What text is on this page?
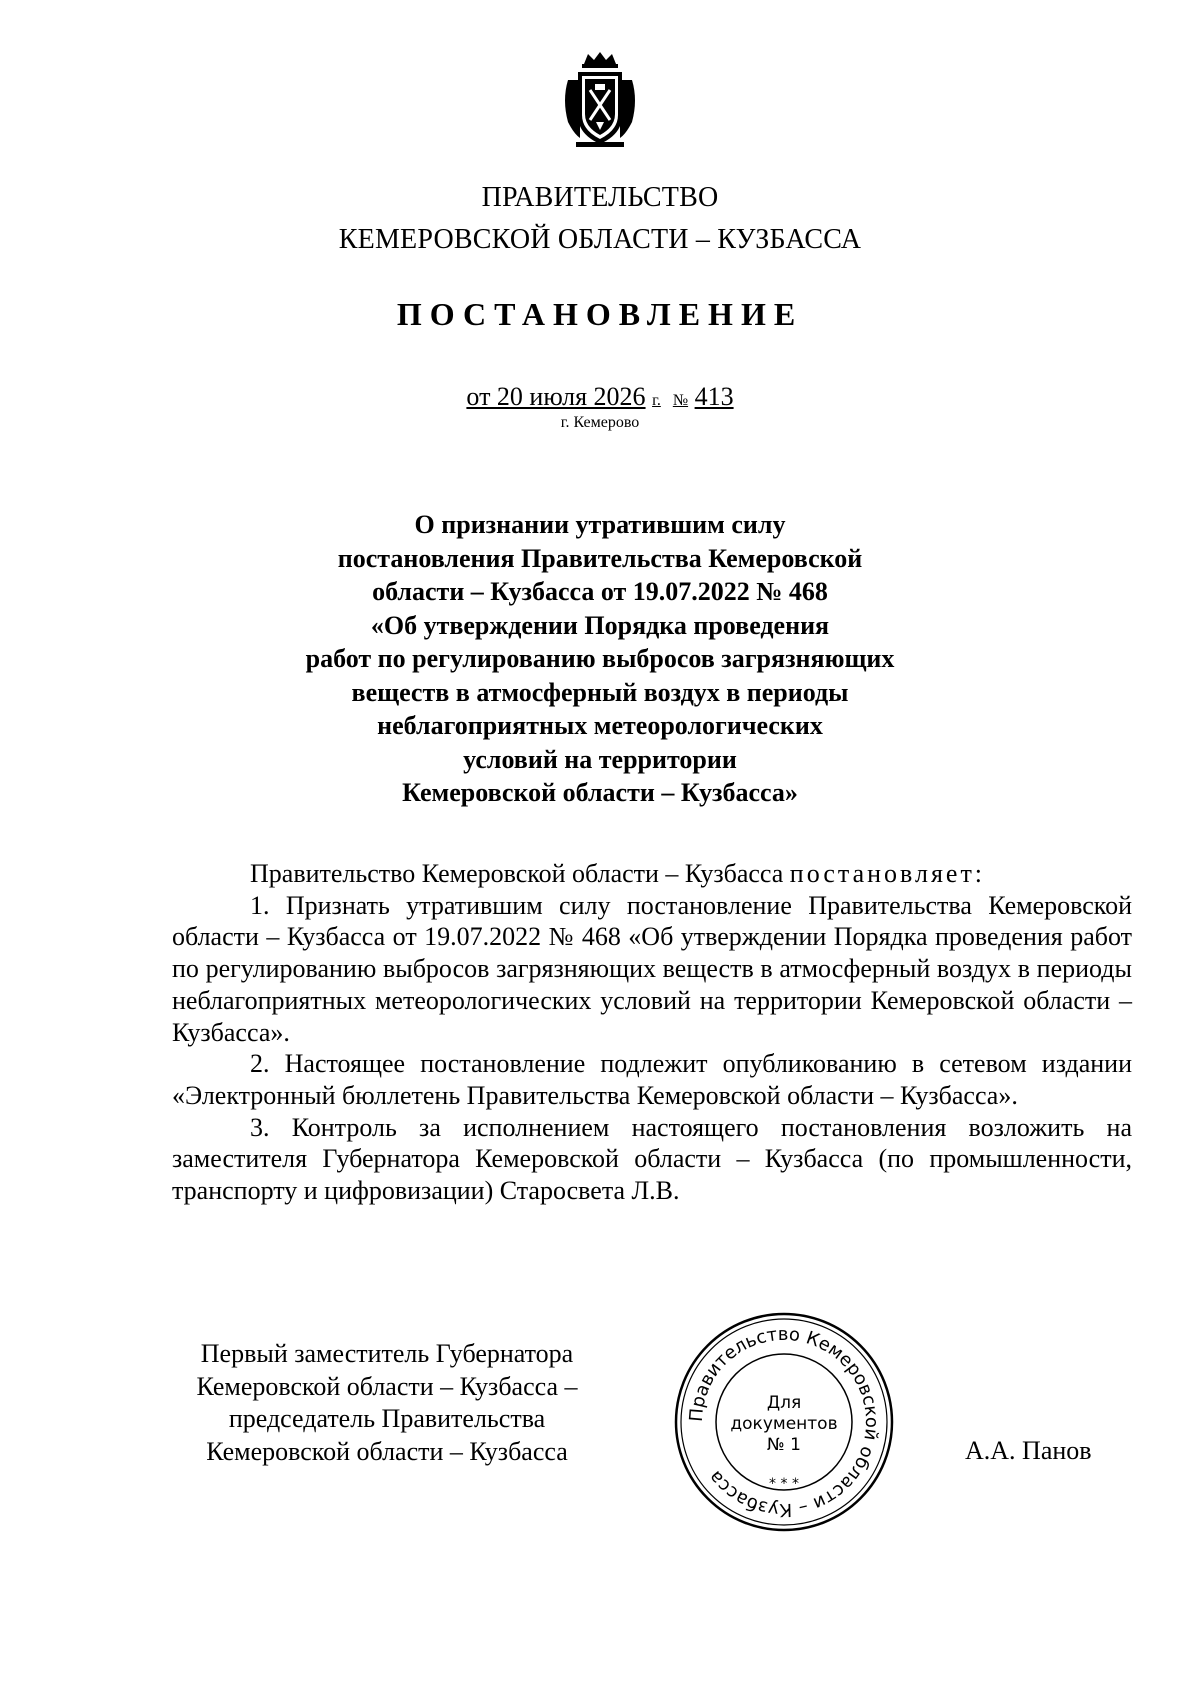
ПРАВИТЕЛЬСТВО
КЕМЕРОВСКОЙ ОБЛАСТИ – КУЗБАССА
ПОСТАНОВЛЕНИЕ
от 20 июля 2026 г. № 413
г. Кемерово
О признании утратившим силу
постановления Правительства Кемеровской
области – Кузбасса от 19.07.2022 № 468
«Об утверждении Порядка проведения
работ по регулированию выбросов загрязняющих
веществ в атмосферный воздух в периоды
неблагоприятных метеорологических
условий на территории
Кемеровской области – Кузбасса»

Правительство Кемеровской области – Кузбасса постановляет:

1. Признать утратившим силу постановление Правительства Кемеровской области – Кузбасса от 19.07.2022 № 468 «Об утверждении Порядка проведения работ по регулированию выбросов загрязняющих веществ в атмосферный воздух в периоды неблагоприятных метеорологических условий на территории Кемеровской области – Кузбасса».

2. Настоящее постановление подлежит опубликованию в сетевом издании «Электронный бюллетень Правительства Кемеровской области – Кузбасса».

3. Контроль за исполнением настоящего постановления возложить на заместителя Губернатора Кемеровской области – Кузбасса (по промышленности, транспорту и цифровизации) Старосвета Л.В.

Первый заместитель Губернатора
Кемеровской области – Кузбасса –
председатель Правительства
Кемеровской области – Кузбасса
Правительство Кемеровской области – Кузбасса	* * *
Для
документов
№ 1	А.А. Панов
